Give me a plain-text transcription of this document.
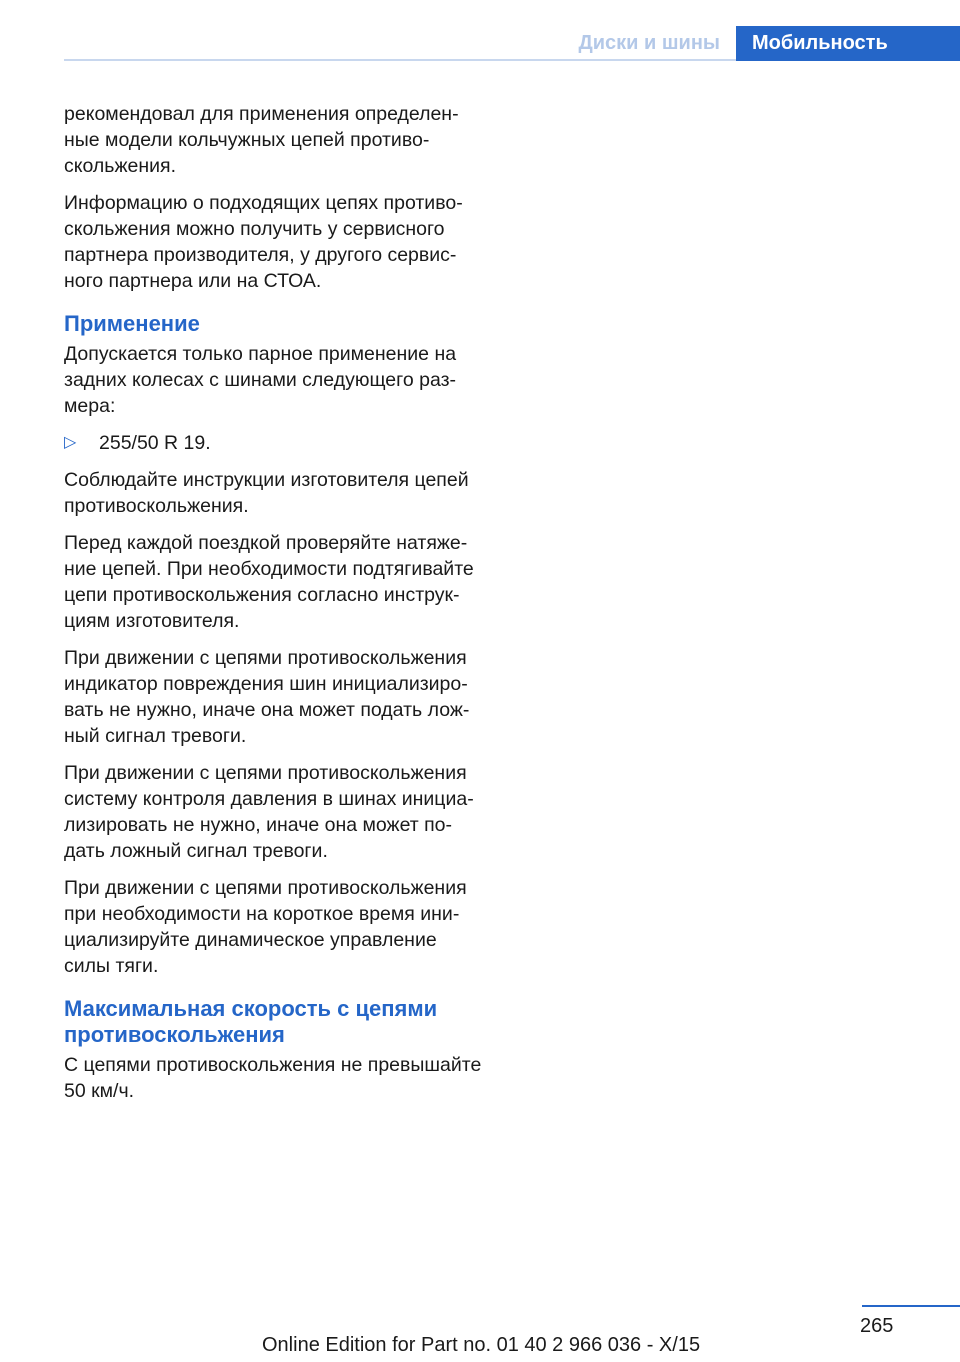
Диски и шины	Мобильность

рекомендовал для применения определенные модели кольчужных цепей противоскольжения.

Информацию о подходящих цепях противоскольжения можно получить у сервисного партнера производителя, у другого сервисного партнера или на СТОА.

Применение

Допускается только парное применение на задних колесах с шинами следующего размера:

▷ 255/50 R 19.

Соблюдайте инструкции изготовителя цепей противоскольжения.

Перед каждой поездкой проверяйте натяжение цепей. При необходимости подтягивайте цепи противоскольжения согласно инструкциям изготовителя.

При движении с цепями противоскольжения индикатор повреждения шин инициализировать не нужно, иначе она может подать ложный сигнал тревоги.

При движении с цепями противоскольжения систему контроля давления в шинах инициализировать не нужно, иначе она может подать ложный сигнал тревоги.

При движении с цепями противоскольжения при необходимости на короткое время инициализируйте динамическое управление силы тяги.

Максимальная скорость с цепями противоскольжения

С цепями противоскольжения не превышайте 50 км/ч.

265
Online Edition for Part no. 01 40 2 966 036 - X/15
